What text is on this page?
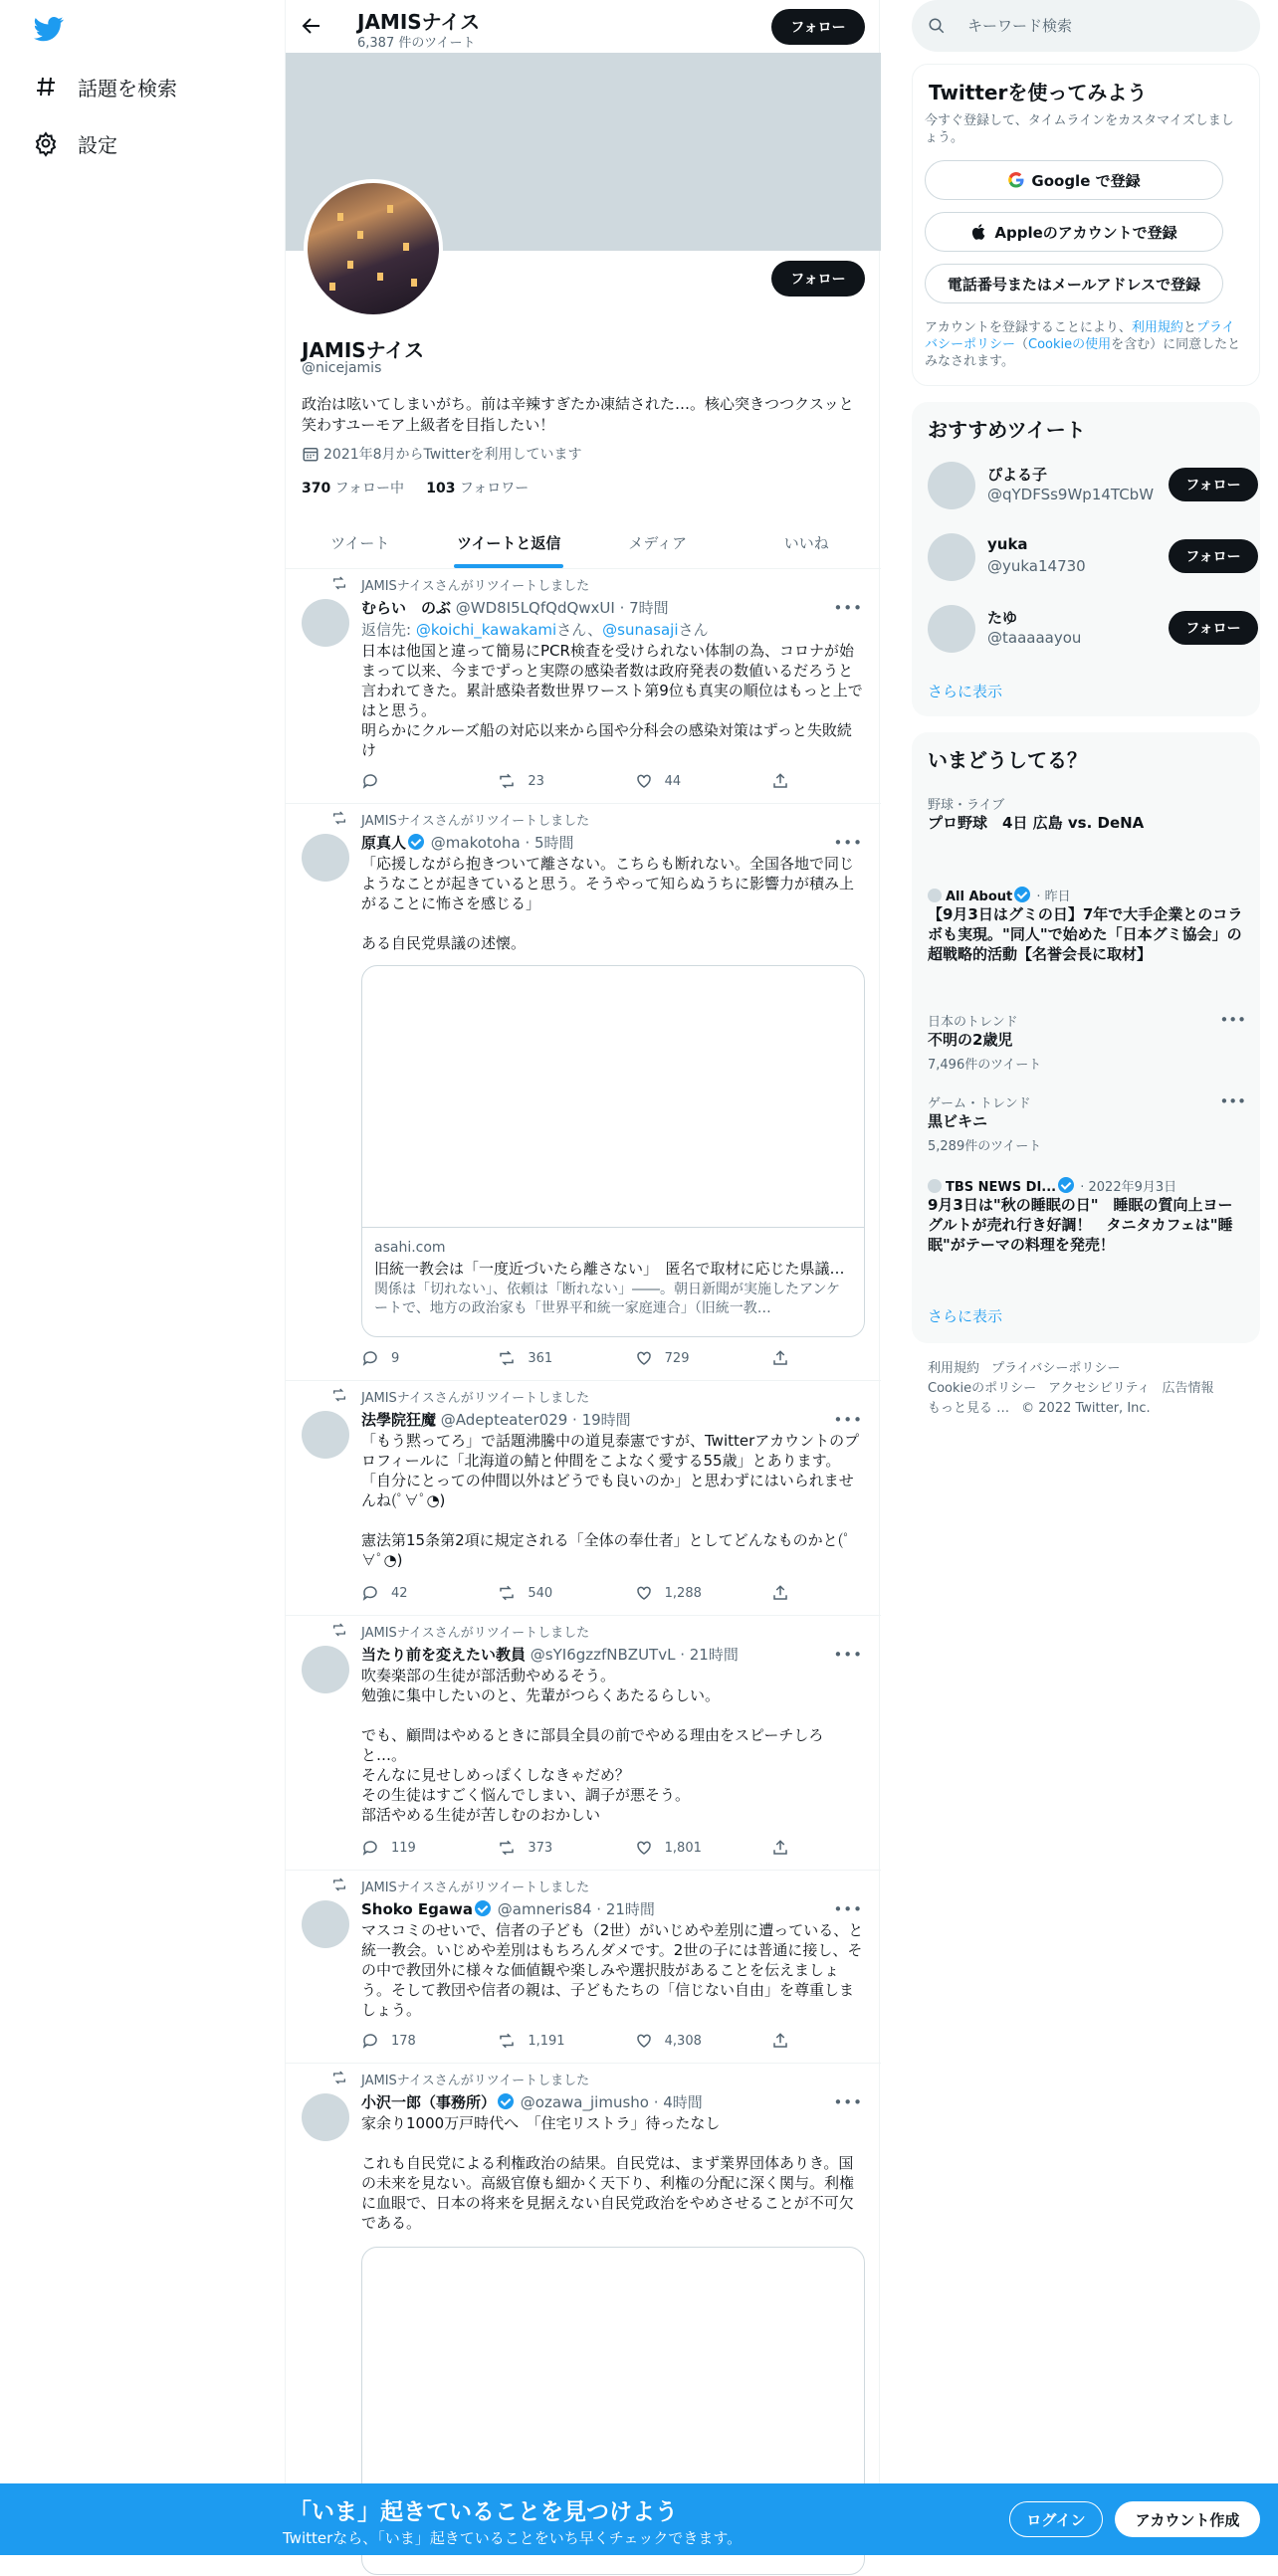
話題を検索
設定
JAMISナイス
6,387 件のツイート
フォロー
フォロー
JAMISナイス
@nicejamis
政治は呟いてしまいがち。前は辛辣すぎたか凍結された…。核心突きつつクスッと笑わすユーモア上級者を目指したい！
2021年8月からTwitterを利用しています
370 フォロー中 103 フォロワー
ツイート	ツイートと返信	メディア	いいね
JAMISナイスさんがリツイートしました
むらい　のぶ @WD8I5LQfQdQwxUI · 7時間	•••
返信先: @koichi_kawakamiさん、@sunasajiさん
日本は他国と違って簡易にPCR検査を受けられない体制の為、コロナが始まって以来、今までずっと実際の感染者数は政府発表の数値いるだろうと言われてきた。累計感染者数世界ワースト第9位も真実の順位はもっと上ではと思う。
明らかにクルーズ船の対応以来から国や分科会の感染対策はずっと失敗続け
23	44
JAMISナイスさんがリツイートしました
原真人 @makotoha · 5時間	•••
「応援しながら抱きついて離さない。こちらも断れない。全国各地で同じようなことが起きていると思う。そうやって知らぬうちに影響力が積み上がることに怖さを感じる」

ある自民党県議の述懐。
asahi.com
旧統一教会は「一度近づいたら離さない」　匿名で取材に応じた県議…
関係は「切れない」、依頼は「断れない」――。朝日新聞が実施したアンケートで、地方の政治家も「世界平和統一家庭連合」（旧統一教…
9	361	729
JAMISナイスさんがリツイートしました
法學院狂魔 @Adepteater029 · 19時間	•••
「もう黙ってろ」で話題沸騰中の道見泰憲ですが、Twitterアカウントのプロフィールに「北海道の鯖と仲間をこよなく愛する55歳」とあります。
「自分にとっての仲間以外はどうでも良いのか」と思わずにはいられませんね(ﾟ∀ﾟ◔)

憲法第15条第2項に規定される「全体の奉仕者」としてどんなものかと(ﾟ∀ﾟ◔)
42	540	1,288
JAMISナイスさんがリツイートしました
当たり前を変えたい教員 @sYI6gzzfNBZUTvL · 21時間	•••
吹奏楽部の生徒が部活動やめるそう。
勉強に集中したいのと、先輩がつらくあたるらしい。

でも、顧問はやめるときに部員全員の前でやめる理由をスピーチしろと…。
そんなに見せしめっぽくしなきゃだめ？
その生徒はすごく悩んでしまい、調子が悪そう。
部活やめる生徒が苦しむのおかしい
119	373	1,801
JAMISナイスさんがリツイートしました
Shoko Egawa @amneris84 · 21時間	•••
マスコミのせいで、信者の子ども（2世）がいじめや差別に遭っている、と統一教会。いじめや差別はもちろんダメです。2世の子には普通に接し、その中で教団外に様々な価値観や楽しみや選択肢があることを伝えましょう。そして教団や信者の親は、子どもたちの「信じない自由」を尊重しましょう。
178	1,191	4,308
JAMISナイスさんがリツイートしました
小沢一郎（事務所） @ozawa_jimusho · 4時間	•••
家余り1000万戸時代へ　「住宅リストラ」待ったなし

これも自民党による利権政治の結果。自民党は、まず業界団体ありき。国の未来を見ない。高級官僚も細かく天下り、利権の分配に深く関与。利権に血眼で、日本の将来を見据えない自民党政治をやめさせることが不可欠である。
キーワード検索
Twitterを使ってみよう
今すぐ登録して、タイムラインをカスタマイズしましょう。
Google で登録
Appleのアカウントで登録
電話番号またはメールアドレスで登録
アカウントを登録することにより、利用規約とプライバシーポリシー（Cookieの使用を含む）に同意したとみなされます。
おすすめツイート
ぴよる子
@qYDFSs9Wp14TCbW	フォロー
yuka
@yuka14730	フォロー
たゆ
@taaaaayou	フォロー
さらに表示
いまどうしてる？
野球・ライブ
プロ野球　4日 広島 vs. DeNA
All About · 昨日
【9月3日はグミの日】7年で大手企業とのコラボも実現。"同人"で始めた「日本グミ協会」の超戦略的活動【名誉会長に取材】
日本のトレンド
不明の2歳児
7,496件のツイート
•••
ゲーム・トレンド
黒ビキニ
5,289件のツイート
•••
TBS NEWS DI... · 2022年9月3日
9月3日は"秋の睡眠の日"　睡眠の質向上ヨーグルトが売れ行き好調！　タニタカフェは"睡眠"がテーマの料理を発売！
さらに表示
利用規約 プライバシーポリシー
Cookieのポリシー アクセシビリティ 広告情報
もっと見る … © 2022 Twitter, Inc.
「いま」起きていることを見つけよう
Twitterなら、「いま」起きていることをいち早くチェックできます。
ログイン	アカウント作成
